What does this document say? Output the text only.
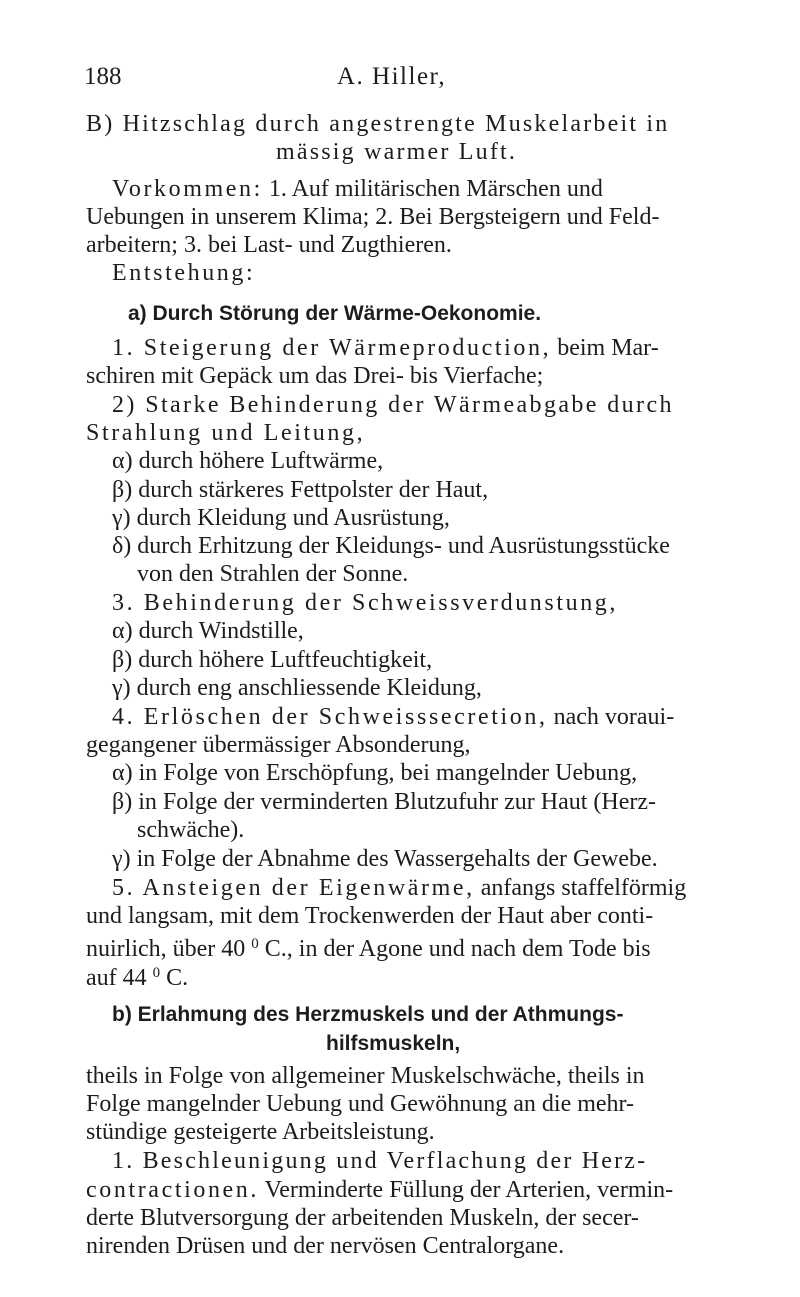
188	A. Hiller,
B) Hitzschlag durch angestrengte Muskelarbeit in
mässig warmer Luft.
Vorkommen: 1. Auf militärischen Märschen und
Uebungen in unserem Klima; 2. Bei Bergsteigern und Feld-
arbeitern; 3. bei Last- und Zugthieren.
Entstehung:
a) Durch Störung der Wärme-Oekonomie.
1. Steigerung der Wärmeproduction, beim Mar-
schiren mit Gepäck um das Drei- bis Vierfache;
2) Starke Behinderung der Wärmeabgabe durch
Strahlung und Leitung,
α) durch höhere Luftwärme,
β) durch stärkeres Fettpolster der Haut,
γ) durch Kleidung und Ausrüstung,
δ) durch Erhitzung der Kleidungs- und Ausrüstungsstücke
von den Strahlen der Sonne.
3. Behinderung der Schweissverdunstung,
α) durch Windstille,
β) durch höhere Luftfeuchtigkeit,
γ) durch eng anschliessende Kleidung,
4. Erlöschen der Schweisssecretion, nach voraui-
gegangener übermässiger Absonderung,
α) in Folge von Erschöpfung, bei mangelnder Uebung,
β) in Folge der verminderten Blutzufuhr zur Haut (Herz-
schwäche).
γ) in Folge der Abnahme des Wassergehalts der Gewebe.
5. Ansteigen der Eigenwärme, anfangs staffelförmig
und langsam, mit dem Trockenwerden der Haut aber conti-
nuirlich, über 40 $^0$ C., in der Agone und nach dem Tode bis
auf 44 $^0$ C.
b) Erlahmung des Herzmuskels und der Athmungs-
hilfsmuskeln,
theils in Folge von allgemeiner Muskelschwäche, theils in
Folge mangelnder Uebung und Gewöhnung an die mehr-
stündige gesteigerte Arbeitsleistung.
1. Beschleunigung und Verflachung der Herz-
contractionen. Verminderte Füllung der Arterien, vermin-
derte Blutversorgung der arbeitenden Muskeln, der secer-
nirenden Drüsen und der nervösen Centralorgane.
